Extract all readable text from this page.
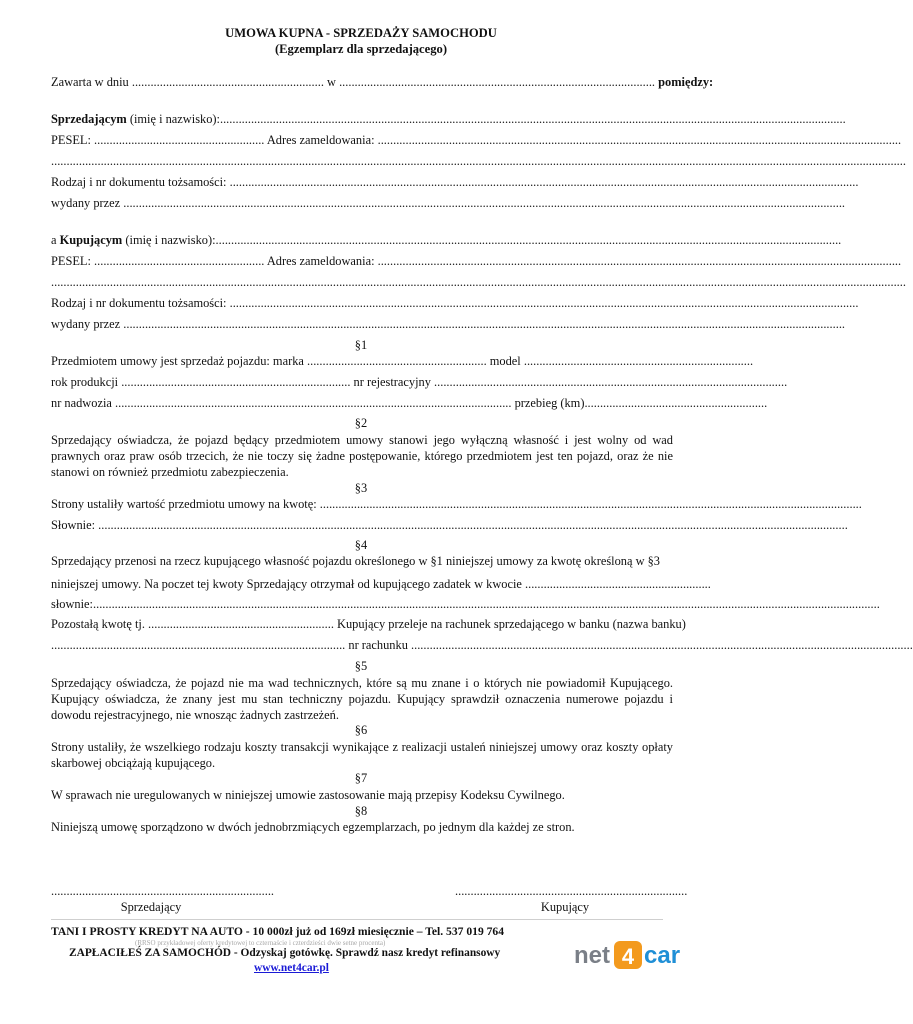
UMOWA KUPNA - SPRZEDAŻY SAMOCHODU
(Egzemplarz dla sprzedającego)
Zawarta w dniu .............................................................. w ...................................................................................................... pomiędzy:
Sprzedającym (imię i nazwisko):..........................................................................................................................................................................................................
PESEL: ....................................................... Adres zameldowania: .........................................................................................................................................................................
....................................................................................................................................................................................................................................................................................
Rodzaj i nr dokumentu tożsamości: ...........................................................................................................................................................................................................
wydany przez .........................................................................................................................................................................................................................................
a Kupującym (imię i nazwisko):..........................................................................................................................................................................................................
PESEL: ....................................................... Adres zameldowania: .........................................................................................................................................................................
....................................................................................................................................................................................................................................................................................
Rodzaj i nr dokumentu tożsamości: ...........................................................................................................................................................................................................
wydany przez .........................................................................................................................................................................................................................................
§1
Przedmiotem umowy jest sprzedaż pojazdu: marka .......................................................... model ..........................................................................
rok produkcji .......................................................................... nr rejestracyjny ..................................................................................................................
nr nadwozia ................................................................................................................................ przebieg (km)...........................................................
§2
Sprzedający oświadcza, że pojazd będący przedmiotem umowy stanowi jego wyłączną własność i jest wolny od wad prawnych oraz praw osób trzecich, że nie toczy się żadne postępowanie, którego przedmiotem jest ten pojazd, oraz że nie stanowi on również przedmiotu zabezpieczenia.
§3
Strony ustaliły wartość przedmiotu umowy na kwotę: ...............................................................................................................................................................................
Słownie: ..................................................................................................................................................................................................................................................
§4
Sprzedający przenosi na rzecz kupującego własność pojazdu określonego w §1 niniejszej umowy za kwotę określoną w §3
niniejszej umowy. Na poczet tej kwoty Sprzedający otrzymał od kupującego zadatek w kwocie ............................................................
słownie:..............................................................................................................................................................................................................................................................
Pozostałą kwotę tj. ............................................................ Kupujący przeleje na rachunek sprzedającego w banku (nazwa banku)
............................................................................................... nr rachunku ..................................................................................................................................................................
§5
Sprzedający oświadcza, że pojazd nie ma wad technicznych, które są mu znane i o których nie powiadomił Kupującego. Kupujący oświadcza, że znany jest mu stan techniczny pojazdu. Kupujący sprawdził oznaczenia numerowe pojazdu i dowodu rejestracyjnego, nie wnosząc żadnych zastrzeżeń.
§6
Strony ustaliły, że wszelkiego rodzaju koszty transakcji wynikające z realizacji ustaleń niniejszej umowy oraz koszty opłaty skarbowej obciążają kupującego.
§7
W sprawach nie uregulowanych w niniejszej umowie zastosowanie mają przepisy Kodeksu Cywilnego.
§8
Niniejszą umowę sporządzono w dwóch jednobrzmiących egzemplarzach, po jednym dla każdej ze stron.
........................................................................	...........................................................................
Sprzedający	Kupujący
TANI I PROSTY KREDYT NA AUTO - 10 000zł już od 169zł miesięcznie – Tel. 537 019 764
(RRSO przykładowej oferty kredytowej to czternaście i czterdzieści dwie setne procenta)
ZAPŁACIŁEŚ ZA SAMOCHÓD - Odzyskaj gotówkę. Sprawdź nasz kredyt refinansowy
www.net4car.pl	net 4 car
